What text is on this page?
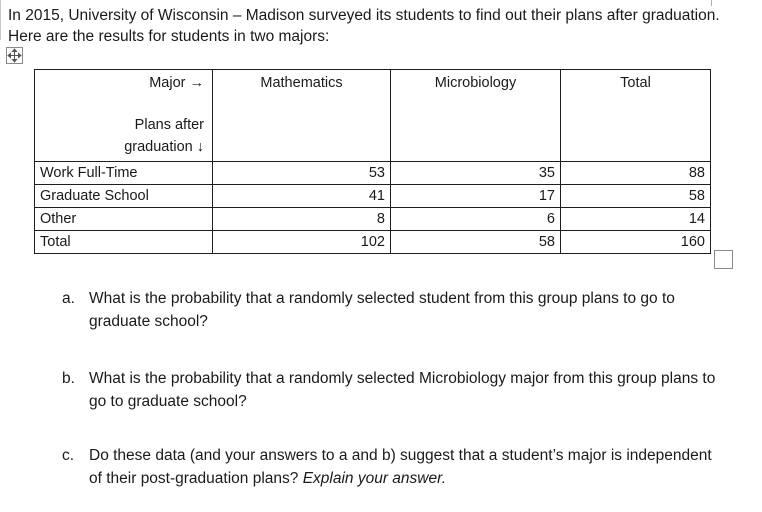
In 2015, University of Wisconsin – Madison surveyed its students to find out their plans after graduation. Here are the results for students in two majors:

Major →
Plans after
graduation ↓	Mathematics	Microbiology	Total
Work Full-Time	53	35	88
Graduate School	41	17	58
Other	8	6	14
Total	102	58	160
a. What is the probability that a randomly selected student from this group plans to go to graduate school?
b. What is the probability that a randomly selected Microbiology major from this group plans to go to graduate school?
c. Do these data (and your answers to a and b) suggest that a student’s major is independent of their post-graduation plans? Explain your answer.
